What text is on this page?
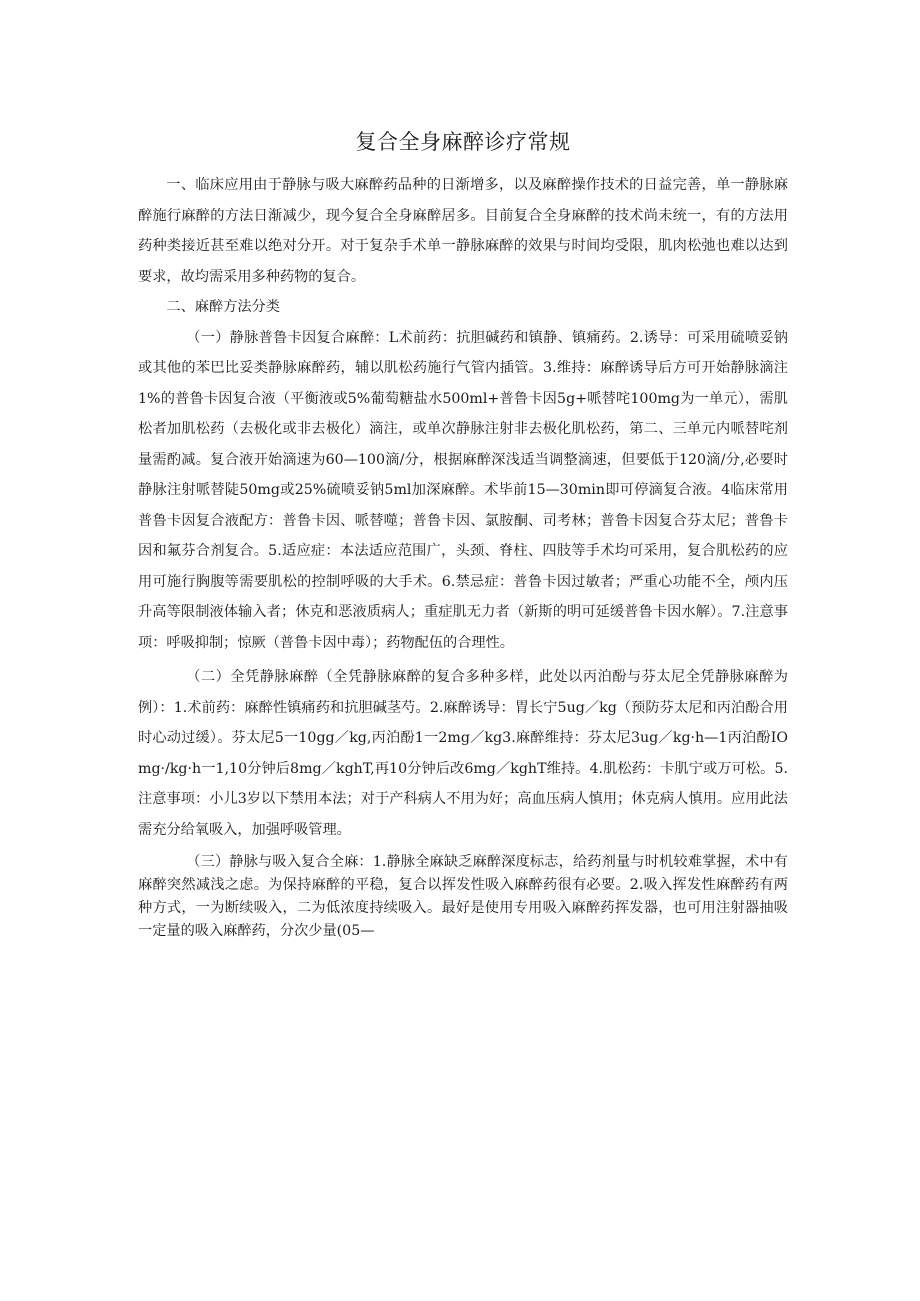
复合全身麻醉诊疗常规

一、临床应用由于静脉与吸大麻醉药品种的日渐增多，以及麻醉操作技术的日益完善，单一静脉麻醉施行麻醉的方法日渐减少，现今复合全身麻醉居多。目前复合全身麻醉的技术尚未统一，有的方法用药种类接近甚至难以绝对分开。对于复杂手术单一静脉麻醉的效果与时间均受限，肌肉松弛也难以达到要求，故均需采用多种药物的复合。

二、麻醉方法分类

（一）静脉普鲁卡因复合麻醉：L术前药：抗胆碱药和镇静、镇痛药。2.诱导：可采用硫喷妥钠或其他的苯巴比妥类静脉麻醉药，辅以肌松药施行气管内插管。3.维持：麻醉诱导后方可开始静脉滴注1%的普鲁卡因复合液（平衡液或5%葡萄糖盐水500ml+普鲁卡因5g+哌替咤100mg为一单元），需肌松者加肌松药（去极化或非去极化）滴注，或单次静脉注射非去极化肌松药，第二、三单元内哌替咤剂量需酌减。复合液开始滴速为60—100滴/分，根据麻醉深浅适当调整滴速，但要低于120滴/分,必要时静脉注射哌替陡50mg或25%硫喷妥钠5ml加深麻醉。术毕前15—30min即可停滴复合液。4临床常用普鲁卡因复合液配方：普鲁卡因、哌替噬；普鲁卡因、氯胺酮、司考林；普鲁卡因复合芬太尼；普鲁卡因和氟芬合剂复合。5.适应症：本法适应范围广，头颈、脊柱、四肢等手术均可采用，复合肌松药的应用可施行胸腹等需要肌松的控制呼吸的大手术。6.禁忌症：普鲁卡因过敏者；严重心功能不全，颅内压升高等限制液体输入者；休克和恶液质病人；重症肌无力者（新斯的明可延缓普鲁卡因水解）。7.注意事项：呼吸抑制；惊厥（普鲁卡因中毒）；药物配伍的合理性。

（二）全凭静脉麻醉（全凭静脉麻醉的复合多种多样，此处以丙泊酚与芬太尼全凭静脉麻醉为例）：1.术前药：麻醉性镇痛药和抗胆碱茎芍。2.麻醉诱导：胃长宁5ug／kg（预防芬太尼和丙泊酚合用时心动过缓）。芬太尼5一10gg／kg,丙泊酚1一2mg／kg3.麻醉维持：芬太尼3ug／kg·h—1丙泊酚IOmg·/kg·h一1,10分钟后8mg／kghT,再10分钟后改6mg／kghT维持。4.肌松药：卡肌宁或万可松。5.注意事项：小儿3岁以下禁用本法；对于产科病人不用为好；高血压病人慎用；休克病人慎用。应用此法需充分给氧吸入，加强呼吸管理。

（三）静脉与吸入复合全麻：1.静脉全麻缺乏麻醉深度标志，给药剂量与时机较难掌握，术中有麻醉突然减浅之虑。为保持麻醉的平稳，复合以挥发性吸入麻醉药很有必要。2.吸入挥发性麻醉药有两种方式，一为断续吸入，二为低浓度持续吸入。最好是使用专用吸入麻醉药挥发器，也可用注射器抽吸一定量的吸入麻醉药，分次少量(05—
